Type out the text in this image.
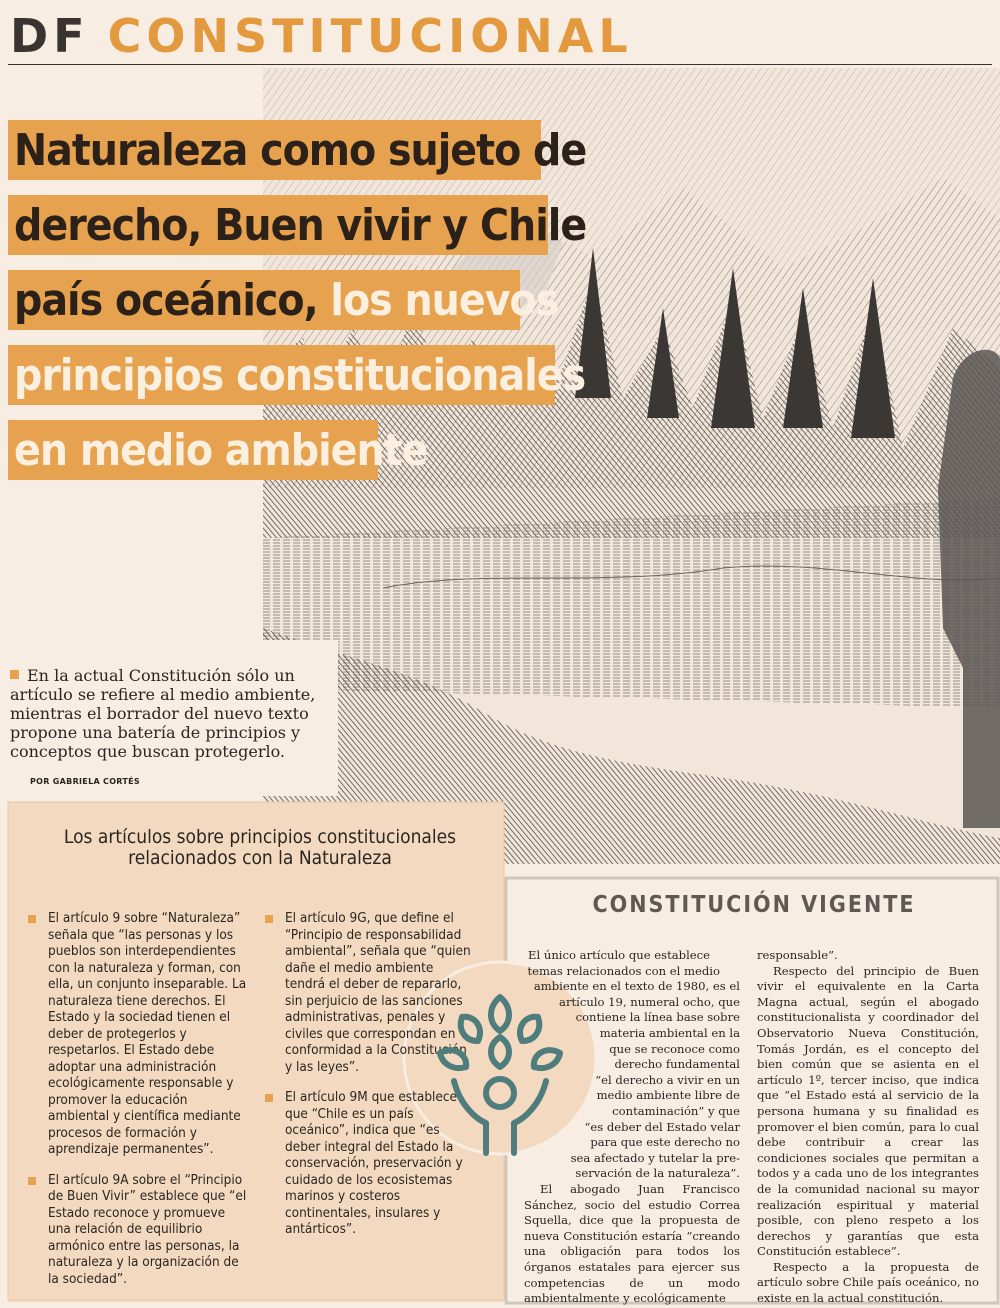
DF CONSTITUCIONAL
Naturaleza como sujeto de
derecho, Buen vivir y Chile
país oceánico,
los nuevos
principios constitucionales
en medio ambiente
En la actual Constitución sólo un artículo se refiere al medio ambiente, mientras el borrador del nuevo texto propone una batería de principios y conceptos que buscan protegerlo.
POR GABRIELA CORTÉS
Los artículos sobre principios constitucionales
relacionados con la Naturaleza
El artículo 9 sobre “Naturaleza” señala que “las personas y los pueblos son interdependientes con la naturaleza y forman, con ella, un conjunto inseparable. La naturaleza tiene derechos. El Estado y la sociedad tienen el deber de protegerlos y respetarlos. El Estado debe adoptar una administración ecológicamente responsable y promover la educación ambiental y científica mediante procesos de formación y aprendizaje permanentes”.
El artículo 9A sobre el “Principio de Buen Vivir” establece que “el Estado reconoce y promueve una relación de equilibrio armónico entre las personas, la naturaleza y la organización de la sociedad”.
El artículo 9G, que define el “Principio de responsabilidad ambiental”, señala que “quien dañe el medio ambiente tendrá el deber de repararlo, sin perjuicio de las sanciones administrativas, penales y civiles que correspondan en conformidad a la Constitución y las leyes”.
El artículo 9M que establece que “Chile es un país oceánico”, indica que “es deber integral del Estado la conservación, preservación y cuidado de los ecosistemas marinos y costeros continentales, insulares y antárticos”.
CONSTITUCIÓN VIGENTE

El único artículo que establece

temas relacionados con el medio

ambiente en el texto de 1980, es el

artículo 19, numeral ocho, que

contiene la línea base sobre

materia ambiental en la

que se reconoce como

derecho fundamental

“el derecho a vivir en un

medio ambiente libre de

contaminación” y que

“es deber del Estado velar

para que este derecho no

sea afectado y tutelar la pre-

servación de la naturaleza”.

El abogado Juan Francisco Sánchez, socio del estudio Correa Squella, dice que la propuesta de nueva Constitución estaría “creando una obligación para todos los órganos estatales para ejercer sus competencias de un modo ambientalmente y ecológicamente

responsable”.

Respecto del principio de Buen vivir el equivalente en la Carta Magna actual, según el abogado constitucionalista y coordinador del Observatorio Nueva Constitución, Tomás Jordán, es el concepto del bien común que se asienta en el artículo 1º, tercer inciso, que indica que “el Estado está al servicio de la persona humana y su finalidad es promover el bien común, para lo cual debe contribuir a crear las condiciones sociales que permitan a todos y a cada uno de los integrantes de la comunidad nacional su mayor realización espiritual y material posible, con pleno respeto a los derechos y garantías que esta Constitución establece”.

Respecto a la propuesta de artículo sobre Chile país oceánico, no existe en la actual constitución.
